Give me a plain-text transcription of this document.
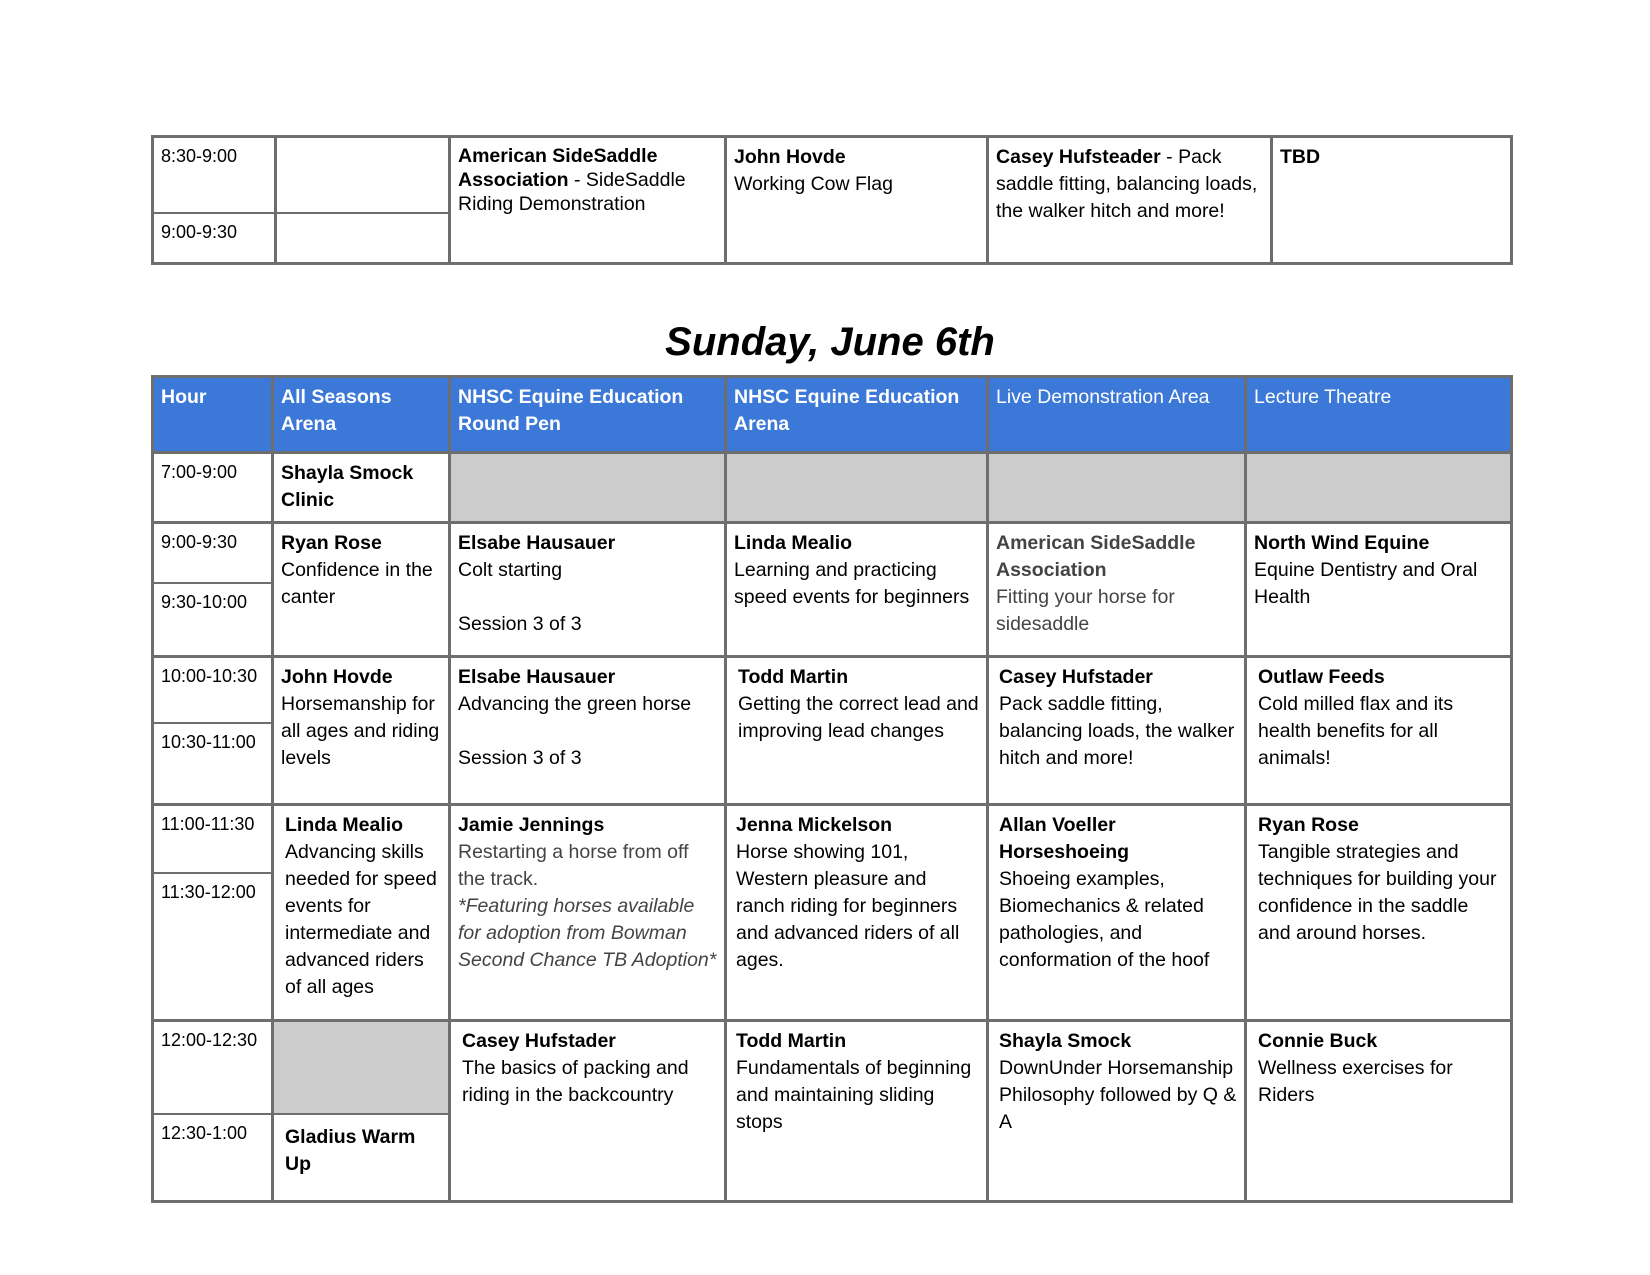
8:30-9:00
9:00-9:30
American SideSaddle Association - SideSaddle Riding Demonstration
John Hovde
Working Cow Flag
Casey Hufsteader - Pack saddle fitting, balancing loads, the walker hitch and more!
TBD
Sunday, June 6th
Hour	All Seasons Arena
NHSC Equine Education Round Pen
NHSC Equine Education Arena
Live Demonstration Area	Lecture Theatre
7:00-9:00
9:00-9:30
9:30-10:00
10:00-10:30
10:30-11:00
11:00-11:30
11:30-12:00
12:00-12:30
12:30-1:00
Shayla Smock Clinic
Ryan Rose
Confidence in the canter
Elsabe Hausauer
Colt starting
Session 3 of 3
Linda Mealio
Learning and practicing speed events for beginners
American SideSaddle Association
Fitting your horse for sidesaddle
North Wind Equine
Equine Dentistry and Oral Health
John Hovde
Horsemanship for all ages and riding levels
Elsabe Hausauer
Advancing the green horse
Session 3 of 3
Todd Martin
Getting the correct lead and improving lead changes
Casey Hufstader
Pack saddle fitting, balancing loads, the walker hitch and more!
Outlaw Feeds
Cold milled flax and its health benefits for all animals!
Linda Mealio
Advancing skills needed for speed events for intermediate and advanced riders of all ages
Jamie Jennings
Restarting a horse from off the track.
*Featuring horses available for adoption from Bowman Second Chance TB Adoption*
Jenna Mickelson
Horse showing 101, Western pleasure and ranch riding for beginners and advanced riders of all ages.
Allan Voeller Horseshoeing
Shoeing examples, Biomechanics & related pathologies, and conformation of the hoof
Ryan Rose
Tangible strategies and techniques for building your confidence in the saddle and around horses.
Gladius Warm Up
Casey Hufstader
The basics of packing and riding in the backcountry
Todd Martin
Fundamentals of beginning and maintaining sliding stops
Shayla Smock
DownUnder Horsemanship Philosophy followed by Q & A
Connie Buck
Wellness exercises for Riders
